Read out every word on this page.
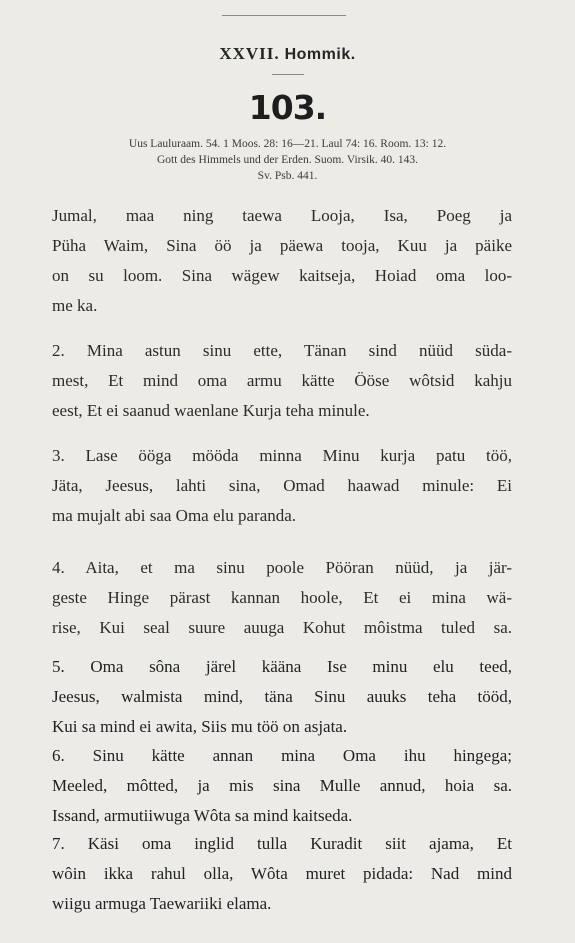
XXVII. Hommik.
103.
Uus Lauluraam. 54. 1 Moos. 28: 16—21. Laul 74: 16. Room. 13: 12.
Gott des Himmels und der Erden. Suom. Virsik. 40. 143.
Sv. Psb. 441.
Jumal, maa ning taewa Looja, Isa, Poeg ja
Püha Waim, Sina öö ja päewa tooja, Kuu ja päike
on su loom. Sina wägew kaitseja, Hoiad oma loo-
me ka.
2. Mina astun sinu ette, Tänan sind nüüd süda-
mest, Et mind oma armu kätte Ööse wôtsid kahju
eest, Et ei saanud waenlane Kurja teha minule.
3. Lase ööga mööda minna Minu kurja patu töö,
Jäta, Jeesus, lahti sina, Omad haawad minule: Ei
ma mujalt abi saa Oma elu paranda.
4. Aita, et ma sinu poole Pööran nüüd, ja jär-
geste Hinge pärast kannan hoole, Et ei mina wä-
rise, Kui seal suure auuga Kohut môistma tuled sa.
5. Oma sôna järel kääna Ise minu elu teed,
Jeesus, walmista mind, täna Sinu auuks teha tööd,
Kui sa mind ei awita, Siis mu töö on asjata.
6. Sinu kätte annan mina Oma ihu hingega;
Meeled, môtted, ja mis sina Mulle annud, hoia sa.
Issand, armutiiwuga Wôta sa mind kaitseda.
7. Käsi oma inglid tulla Kuradit siit ajama, Et
wôin ikka rahul olla, Wôta muret pidada: Nad mind
wiigu armuga Taewariiki elama.
